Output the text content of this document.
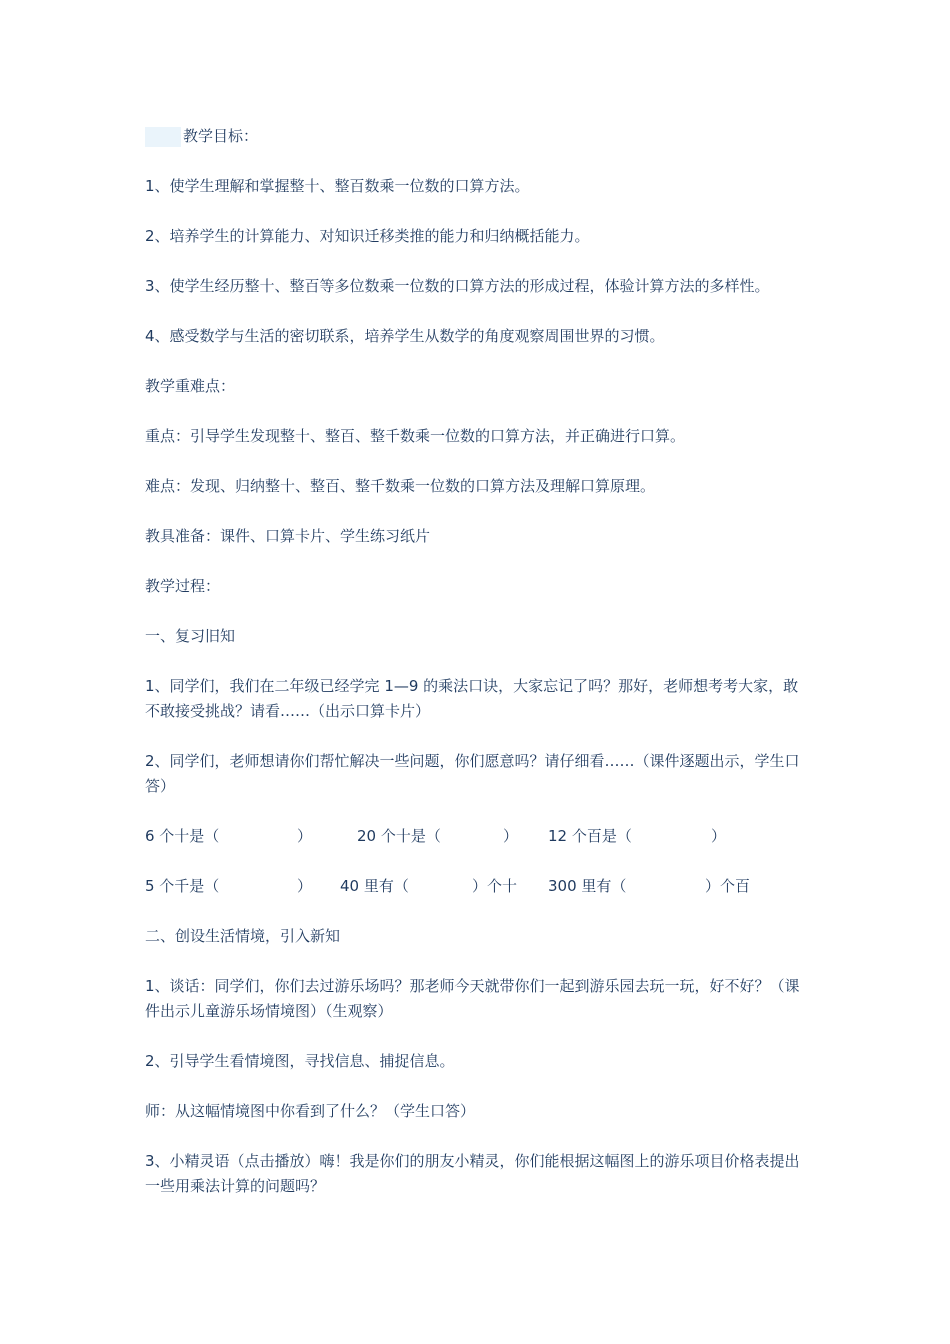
教学目标：

1、使学生理解和掌握整十、整百数乘一位数的口算方法。

2、培养学生的计算能力、对知识迁移类推的能力和归纳概括能力。

3、使学生经历整十、整百等多位数乘一位数的口算方法的形成过程，体验计算方法的多样性。

4、感受数学与生活的密切联系，培养学生从数学的角度观察周围世界的习惯。

教学重难点：

重点：引导学生发现整十、整百、整千数乘一位数的口算方法，并正确进行口算。

难点：发现、归纳整十、整百、整千数乘一位数的口算方法及理解口算原理。

教具准备：课件、口算卡片、学生练习纸片

教学过程：

一、复习旧知

1、同学们，我们在二年级已经学完 1—9 的乘法口诀，大家忘记了吗？那好，老师想考考大家，敢不敢接受挑战？请看……（出示口算卡片）

2、同学们，老师想请你们帮忙解决一些问题，你们愿意吗？请仔细看……（课件逐题出示，学生口答）

6 个十是（	）	20 个十是（	） 12 个百是（	）
5 个千是（	） 40 里有（	）个十 300 里有（	）个百

二、创设生活情境，引入新知

1、谈话：同学们，你们去过游乐场吗？那老师今天就带你们一起到游乐园去玩一玩，好不好？（课件出示儿童游乐场情境图）（生观察）

2、引导学生看情境图，寻找信息、捕捉信息。

师：从这幅情境图中你看到了什么？（学生口答）

3、小精灵语（点击播放）嗨！我是你们的朋友小精灵，你们能根据这幅图上的游乐项目价格表提出一些用乘法计算的问题吗？
